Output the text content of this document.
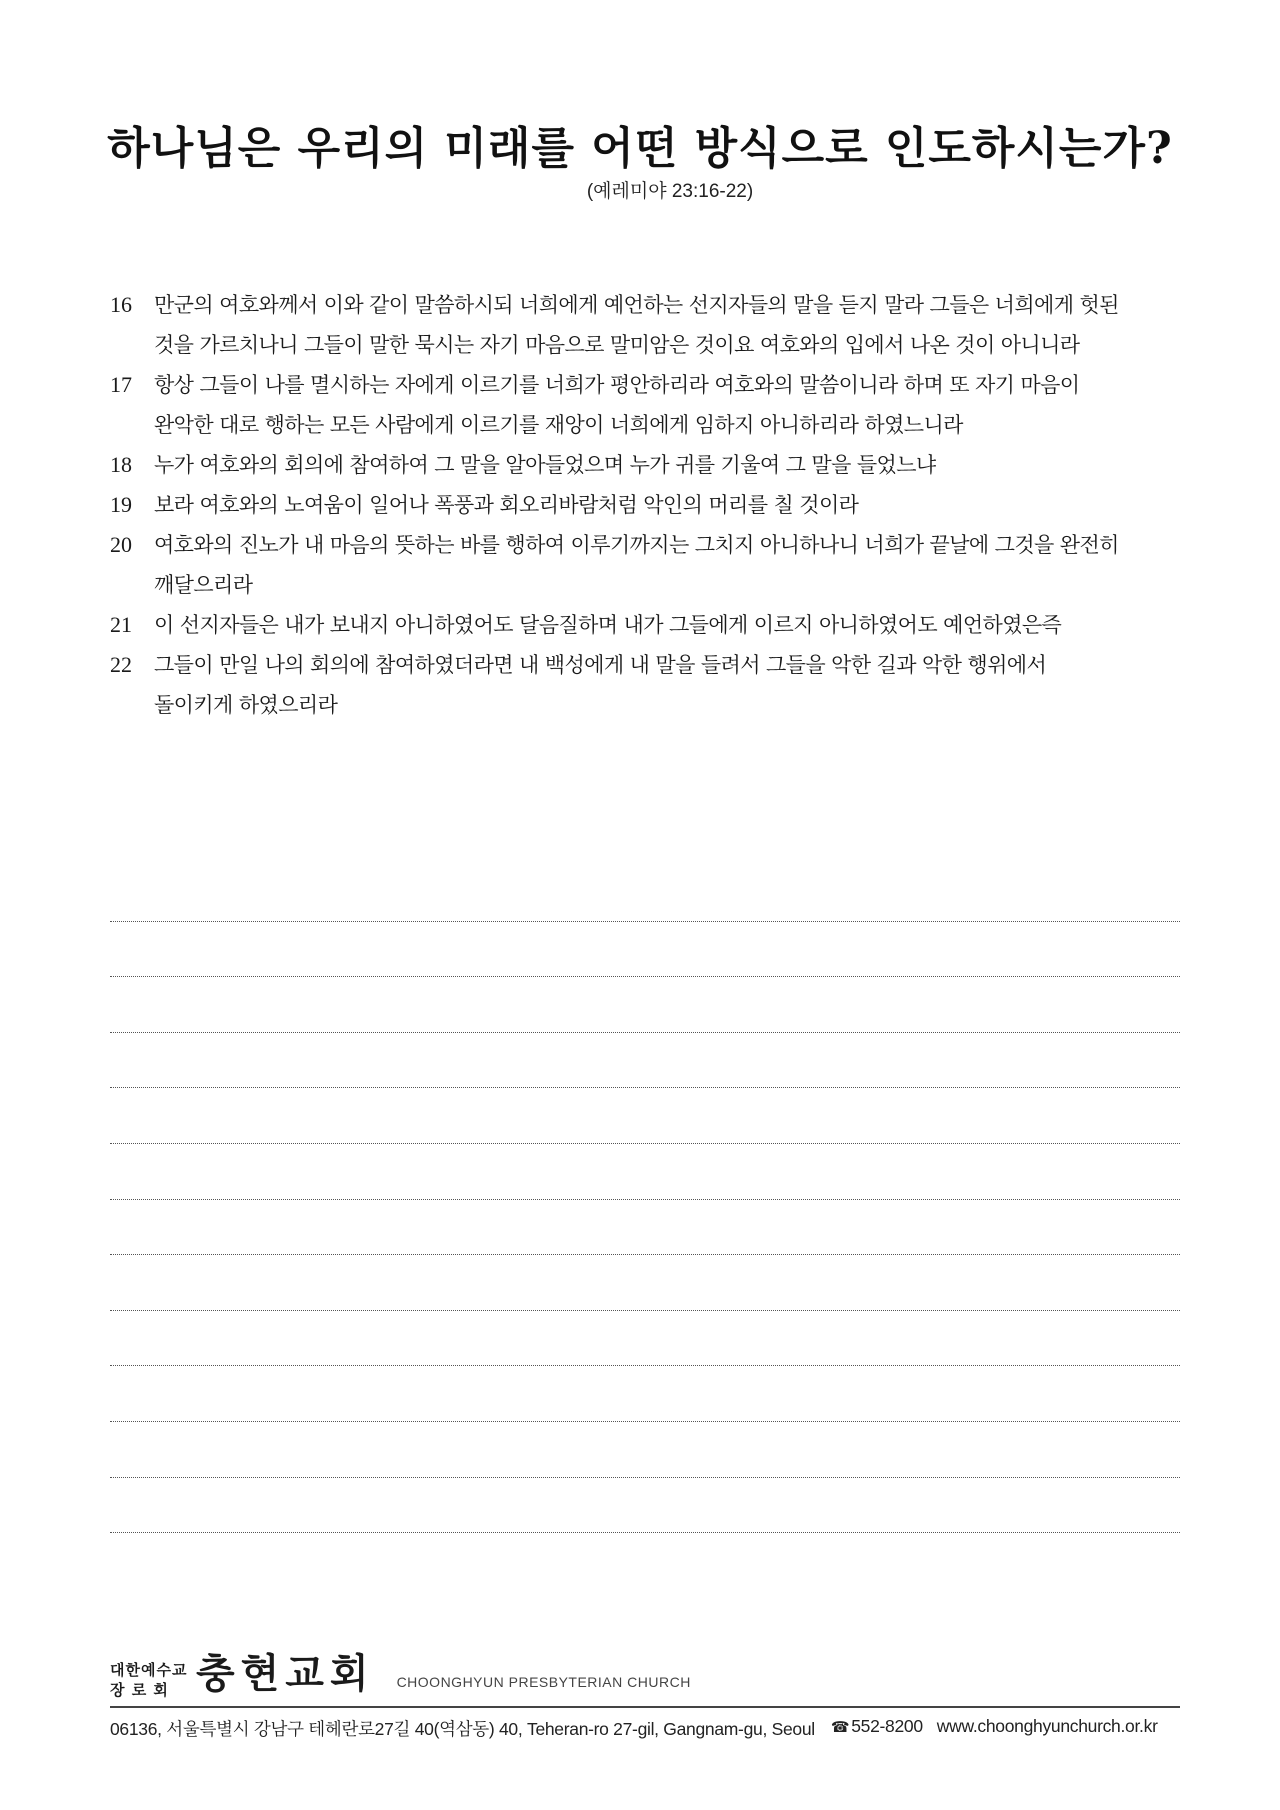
하나님은 우리의 미래를 어떤 방식으로 인도하시는가?
(예레미야 23:16-22)
16	만군의 여호와께서 이와 같이 말씀하시되 너희에게 예언하는 선지자들의 말을 듣지 말라 그들은 너희에게 헛된
것을 가르치나니 그들이 말한 묵시는 자기 마음으로 말미암은 것이요 여호와의 입에서 나온 것이 아니니라
17	항상 그들이 나를 멸시하는 자에게 이르기를 너희가 평안하리라 여호와의 말씀이니라 하며 또 자기 마음이
완악한 대로 행하는 모든 사람에게 이르기를 재앙이 너희에게 임하지 아니하리라 하였느니라
18	누가 여호와의 회의에 참여하여 그 말을 알아들었으며 누가 귀를 기울여 그 말을 들었느냐
19	보라 여호와의 노여움이 일어나 폭풍과 회오리바람처럼 악인의 머리를 칠 것이라
20	여호와의 진노가 내 마음의 뜻하는 바를 행하여 이루기까지는 그치지 아니하나니 너희가 끝날에 그것을 완전히
깨달으리라
21	이 선지자들은 내가 보내지 아니하였어도 달음질하며 내가 그들에게 이르지 아니하였어도 예언하였은즉
22	그들이 만일 나의 회의에 참여하였더라면 내 백성에게 내 말을 들려서 그들을 악한 길과 악한 행위에서
돌이키게 하였으리라
대한예수교
장 로 회 충현교회 CHOONGHYUN PRESBYTERIAN CHURCH
06136, 서울특별시 강남구 테헤란로27길 40(역삼동) 40, Teheran-ro 27-gil, Gangnam-gu, Seoul ☎ 552-8200 www.choonghyunchurch.or.kr
